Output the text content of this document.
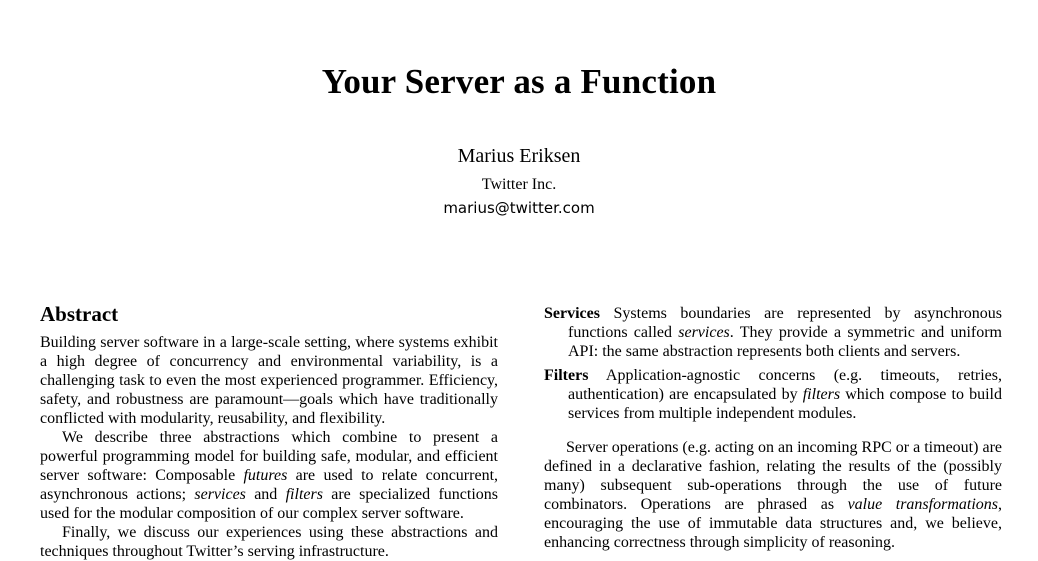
Your Server as a Function
Marius Eriksen
Twitter Inc.
marius@twitter.com
Abstract

Building server software in a large-scale setting, where systems exhibit a high degree of concurrency and environmental variability, is a challenging task to even the most experienced programmer. Efficiency, safety, and robustness are paramount—goals which have traditionally conflicted with modularity, reusability, and flexibility.

We describe three abstractions which combine to present a powerful programming model for building safe, modular, and efficient server software: Composable futures are used to relate concurrent, asynchronous actions; services and filters are specialized functions used for the modular composition of our complex server software.

Finally, we discuss our experiences using these abstractions and techniques throughout Twitter’s serving infrastructure.

Services Systems boundaries are represented by asynchronous functions called services. They provide a symmetric and uniform API: the same abstraction represents both clients and servers.

Filters Application-agnostic concerns (e.g. timeouts, retries, authentication) are encapsulated by filters which compose to build services from multiple independent modules.

Server operations (e.g. acting on an incoming RPC or a timeout) are defined in a declarative fashion, relating the results of the (possibly many) subsequent sub-operations through the use of future combinators. Operations are phrased as value transformations, encouraging the use of immutable data structures and, we believe, enhancing correctness through simplicity of reasoning.
